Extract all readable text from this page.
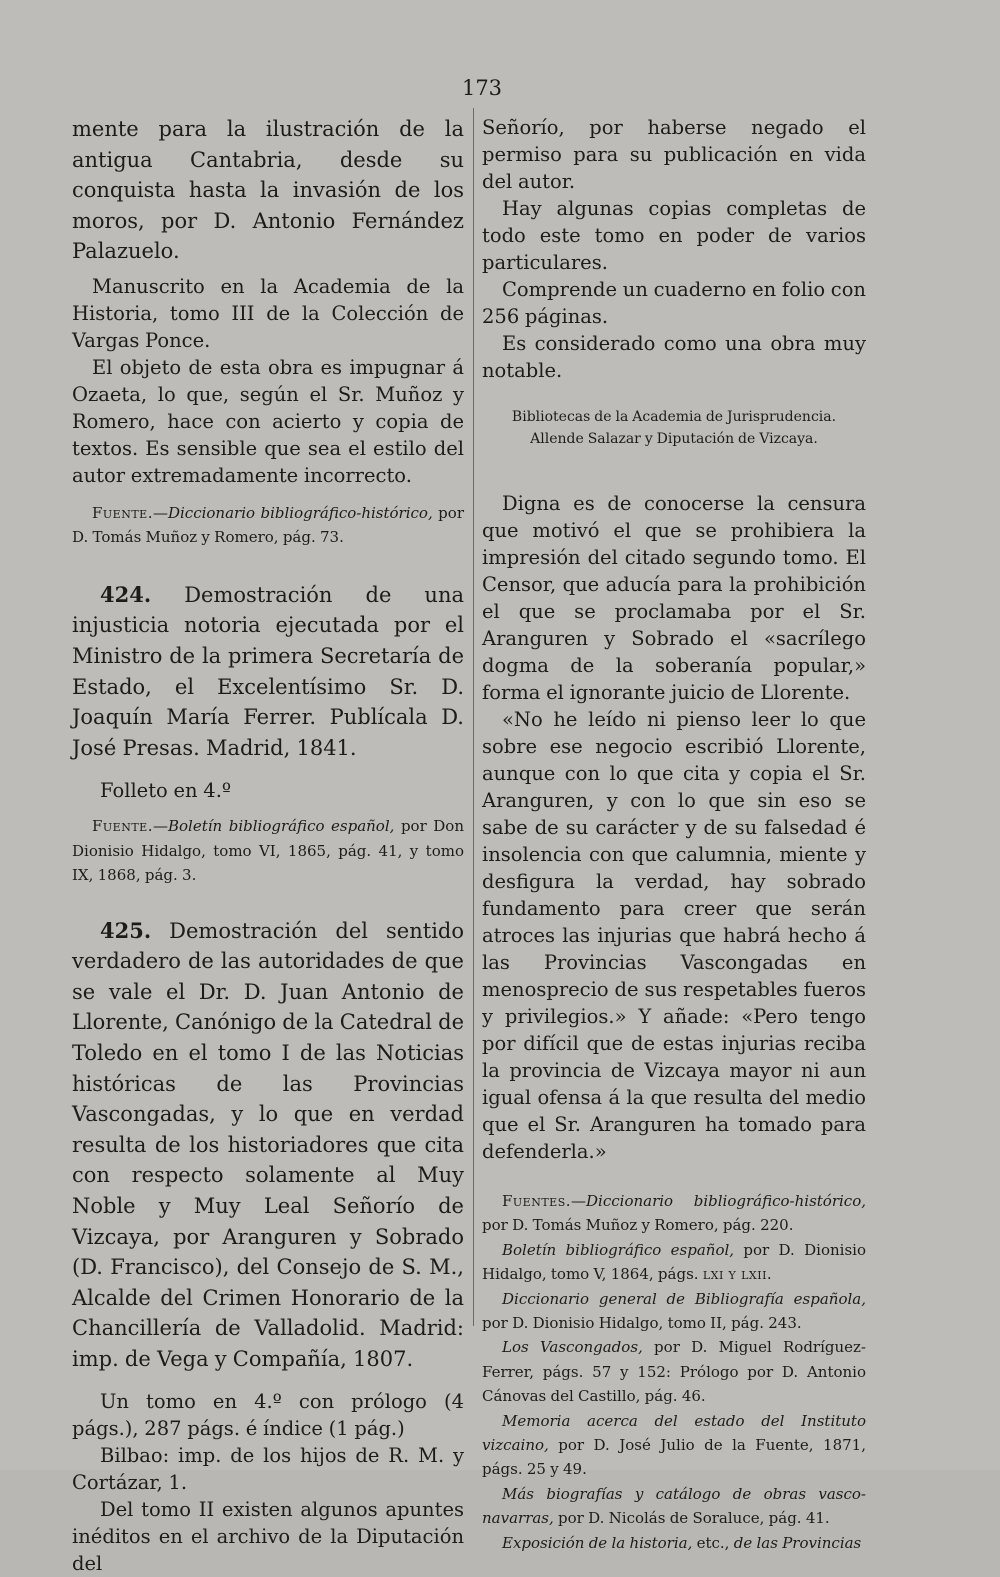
173

mente para la ilustración de la antigua Cantabria, desde su conquista hasta la invasión de los moros, por D. Antonio Fernández Palazuelo.

Manuscrito en la Academia de la Historia, tomo III de la Colección de Vargas Ponce.

El objeto de esta obra es impugnar á Ozaeta, lo que, según el Sr. Muñoz y Romero, hace con acierto y copia de textos. Es sensible que sea el estilo del autor extremadamente incorrecto.

Fuente.—Diccionario bibliográfico-histórico, por D. Tomás Muñoz y Romero, pág. 73.

424. Demostración de una injusticia notoria ejecutada por el Ministro de la primera Secretaría de Estado, el Excelentísimo Sr. D. Joaquín María Ferrer. Publícala D. José Presas. Madrid, 1841.

Folleto en 4.º

Fuente.—Boletín bibliográfico español, por Don Dionisio Hidalgo, tomo VI, 1865, pág. 41, y tomo IX, 1868, pág. 3.

425. Demostración del sentido verdadero de las autoridades de que se vale el Dr. D. Juan Antonio de Llorente, Canónigo de la Catedral de Toledo en el tomo I de las Noticias históricas de las Provincias Vascongadas, y lo que en verdad resulta de los historiadores que cita con respecto solamente al Muy Noble y Muy Leal Señorío de Vizcaya, por Aranguren y Sobrado (D. Francisco), del Consejo de S. M., Alcalde del Crimen Honorario de la Chancillería de Valladolid. Madrid: imp. de Vega y Compañía, 1807.

Un tomo en 4.º con prólogo (4 págs.), 287 págs. é índice (1 pág.)

Bilbao: imp. de los hijos de R. M. y Cortázar, 1.

Del tomo II existen algunos apuntes inéditos en el archivo de la Diputación del

Señorío, por haberse negado el permiso para su publicación en vida del autor.

Hay algunas copias completas de todo este tomo en poder de varios particulares.

Comprende un cuaderno en folio con 256 páginas.

Es considerado como una obra muy notable.

Bibliotecas de la Academia de Jurisprudencia.

Allende Salazar y Diputación de Vizcaya.

Digna es de conocerse la censura que motivó el que se prohibiera la impresión del citado segundo tomo. El Censor, que aducía para la prohibición el que se proclamaba por el Sr. Aranguren y Sobrado el «sacrílego dogma de la soberanía popular,» forma el ignorante juicio de Llorente.

«No he leído ni pienso leer lo que sobre ese negocio escribió Llorente, aunque con lo que cita y copia el Sr. Aranguren, y con lo que sin eso se sabe de su carácter y de su falsedad é insolencia con que calumnia, miente y desfigura la verdad, hay sobrado fundamento para creer que serán atroces las injurias que habrá hecho á las Provincias Vascongadas en menosprecio de sus respetables fueros y privilegios.» Y añade: «Pero tengo por difícil que de estas injurias reciba la provincia de Vizcaya mayor ni aun igual ofensa á la que resulta del medio que el Sr. Aranguren ha tomado para defenderla.»

Fuentes.—Diccionario bibliográfico-histórico, por D. Tomás Muñoz y Romero, pág. 220.

Boletín bibliográfico español, por D. Dionisio Hidalgo, tomo V, 1864, págs. lxi y lxii.

Diccionario general de Bibliografía española, por D. Dionisio Hidalgo, tomo II, pág. 243.

Los Vascongados, por D. Miguel Rodríguez-Ferrer, págs. 57 y 152: Prólogo por D. Antonio Cánovas del Castillo, pág. 46.

Memoria acerca del estado del Instituto vizcaino, por D. José Julio de la Fuente, 1871, págs. 25 y 49.

Más biografías y catálogo de obras vasco-navarras, por D. Nicolás de Soraluce, pág. 41.

Exposición de la historia, etc., de las Provincias
